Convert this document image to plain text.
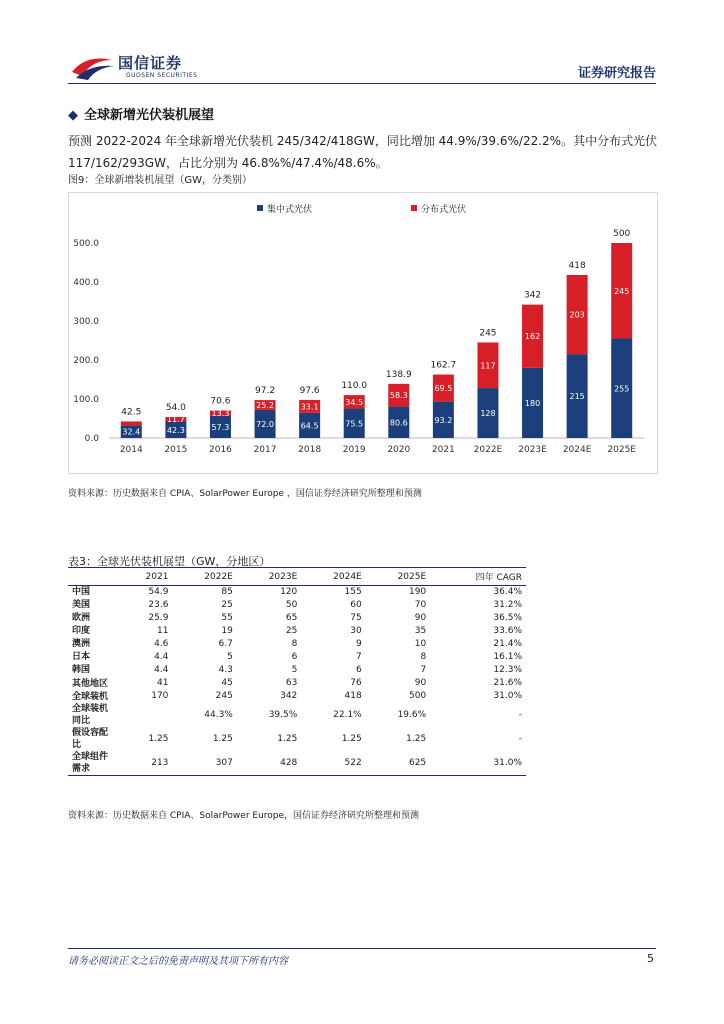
国信证券
GUOSEN SECURITIES	证券研究报告
◆ 全球新增光伏装机展望
预测 2022-2024 年全球新增光伏装机 245/342/418GW，同比增加 44.9%/39.6%/22.2%。其中分布式光伏 117/162/293GW，占比分别为 46.8%%/47.4%/48.6%。
图9：全球新增装机展望（GW，分类别）
0.0
100.0
200.0
300.0
400.0
500.0
32.4
42.5
2014
42.3
11.7
54.0
2015
57.3
13.3
70.6
2016
72.0
25.2
97.2
2017
64.5
33.1
97.6
2018
75.5
34.5
110.0
2019
80.6
58.3
138.9
2020
93.2
69.5
162.7
2021
128
117
245
2022E
180
162
342
2023E
215
203
418
2024E
255
245
500
2025E
集中式光伏	分布式光伏
资料来源：历史数据来自 CPIA、SolarPower Europe ，国信证券经济研究所整理和预测
表3：全球光伏装机展望（GW，分地区）
	2021	2022E	2023E	2024E	2025E	四年 CAGR
中国	54.9	85	120	155	190	36.4%
美国	23.6	25	50	60	70	31.2%
欧洲	25.9	55	65	75	90	36.5%
印度	11	19	25	30	35	33.6%
澳洲	4.6	6.7	8	9	10	21.4%
日本	4.4	5	6	7	8	16.1%
韩国	4.4	4.3	5	6	7	12.3%
其他地区	41	45	63	76	90	21.6%
全球装机	170	245	342	418	500	31.0%
全球装机同比		44.3%	39.5%	22.1%	19.6%	-
假设容配比	1.25	1.25	1.25	1.25	1.25	-
全球组件需求	213	307	428	522	625	31.0%
资料来源：历史数据来自 CPIA、SolarPower Europe，国信证券经济研究所整理和预测
请务必阅读正文之后的免责声明及其项下所有内容	5
